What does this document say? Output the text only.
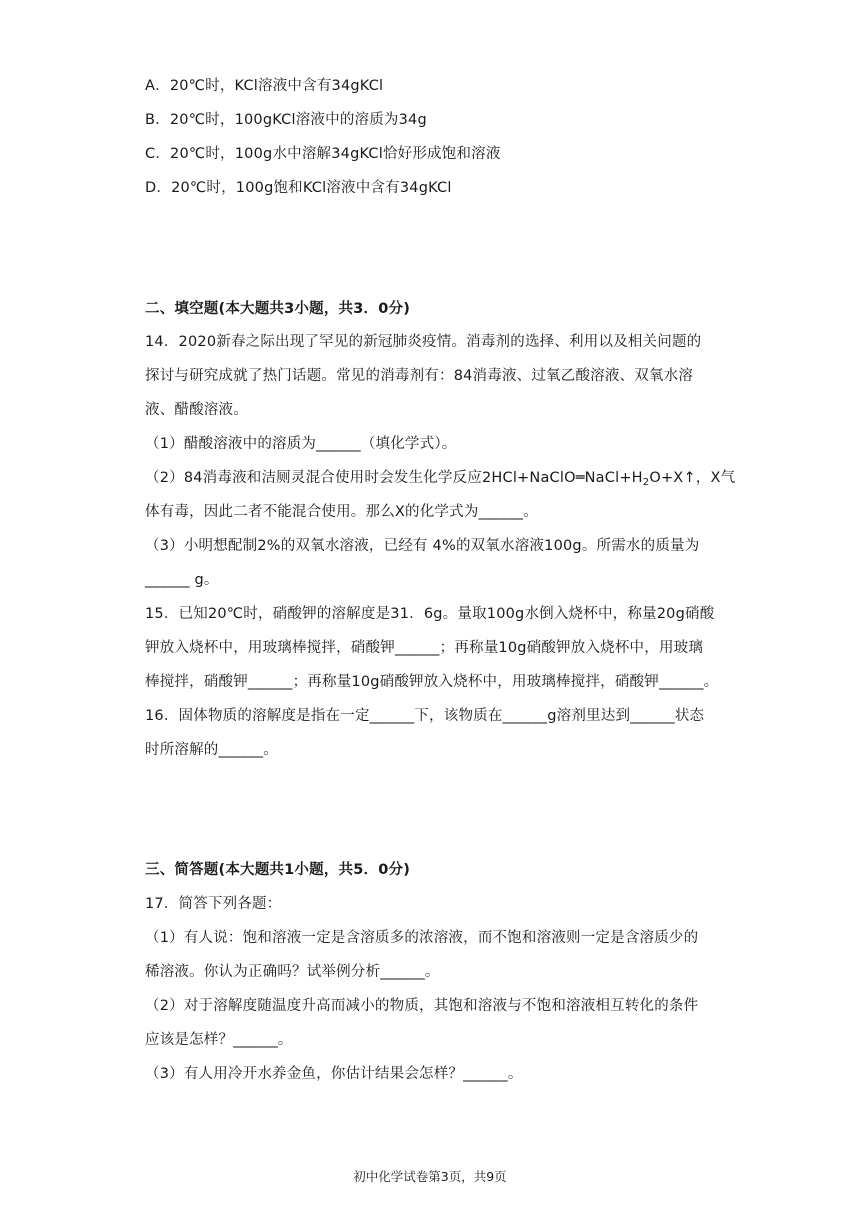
A．20℃时，KCl溶液中含有34gKCl
B．20℃时，100gKCl溶液中的溶质为34g
C．20℃时，100g水中溶解34gKCl恰好形成饱和溶液
D．20℃时，100g饱和KCl溶液中含有34gKCl
二、填空题(本大题共3小题，共3．0分)
14．2020新春之际出现了罕见的新冠肺炎疫情。消毒剂的选择、利用以及相关问题的
探讨与研究成就了热门话题。常见的消毒剂有：84消毒液、过氧乙酸溶液、双氧水溶
液、醋酸溶液。
（1）醋酸溶液中的溶质为______（填化学式）。
（2）84消毒液和洁厕灵混合使用时会发生化学反应$2HCl+NaClO═NaCl+H_2O+X↑$，X气
体有毒，因此二者不能混合使用。那么X的化学式为______。
（3）小明想配制2%的双氧水溶液，已经有 4%的双氧水溶液100g。所需水的质量为
______ g。
15．已知20℃时，硝酸钾的溶解度是31．6g。量取100g水倒入烧杯中，称量20g硝酸
钾放入烧杯中，用玻璃棒搅拌，硝酸钾______；再称量10g硝酸钾放入烧杯中，用玻璃
棒搅拌，硝酸钾______；再称量10g硝酸钾放入烧杯中，用玻璃棒搅拌，硝酸钾______。
16．固体物质的溶解度是指在一定______下，该物质在______g溶剂里达到______状态
时所溶解的______。
三、简答题(本大题共1小题，共5．0分)
17．简答下列各题：
（1）有人说：饱和溶液一定是含溶质多的浓溶液，而不饱和溶液则一定是含溶质少的
稀溶液。你认为正确吗？试举例分析______。
（2）对于溶解度随温度升高而减小的物质，其饱和溶液与不饱和溶液相互转化的条件
应该是怎样？______。
（3）有人用冷开水养金鱼，你估计结果会怎样？______。
初中化学试卷第3页，共9页
